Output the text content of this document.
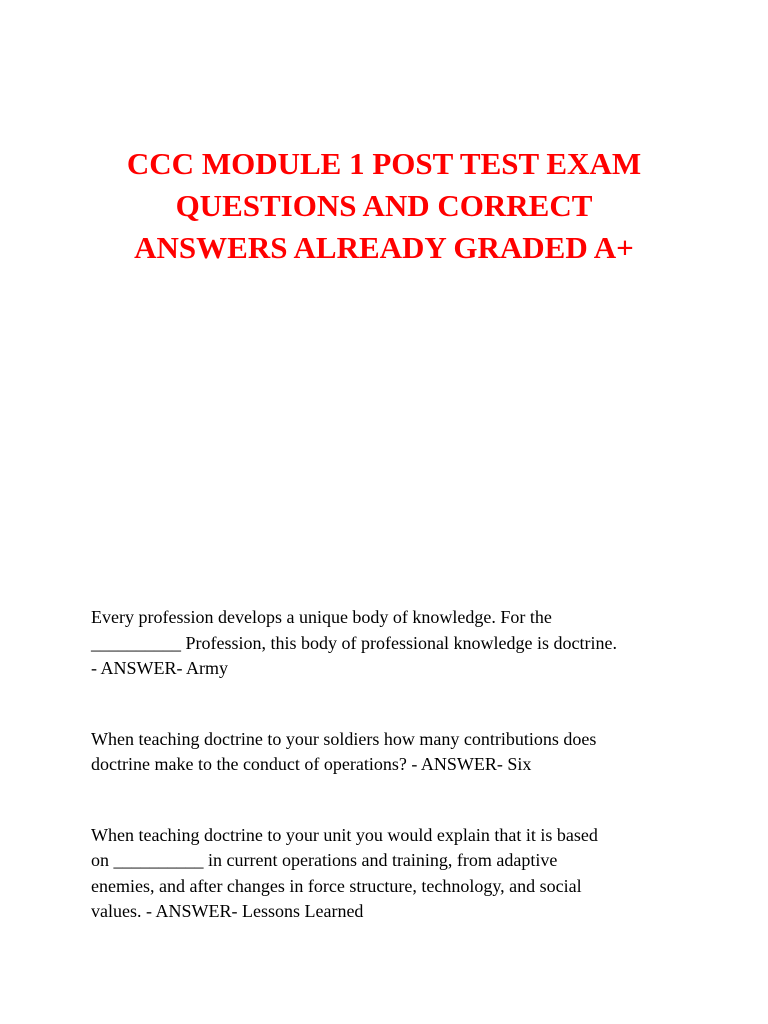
CCC MODULE 1 POST TEST EXAM
QUESTIONS AND CORRECT
ANSWERS ALREADY GRADED A+

Every profession develops a unique body of knowledge. For the
__________ Profession, this body of professional knowledge is doctrine.
- ANSWER- Army

When teaching doctrine to your soldiers how many contributions does
doctrine make to the conduct of operations? - ANSWER- Six

When teaching doctrine to your unit you would explain that it is based
on __________ in current operations and training, from adaptive
enemies, and after changes in force structure, technology, and social
values. - ANSWER- Lessons Learned
